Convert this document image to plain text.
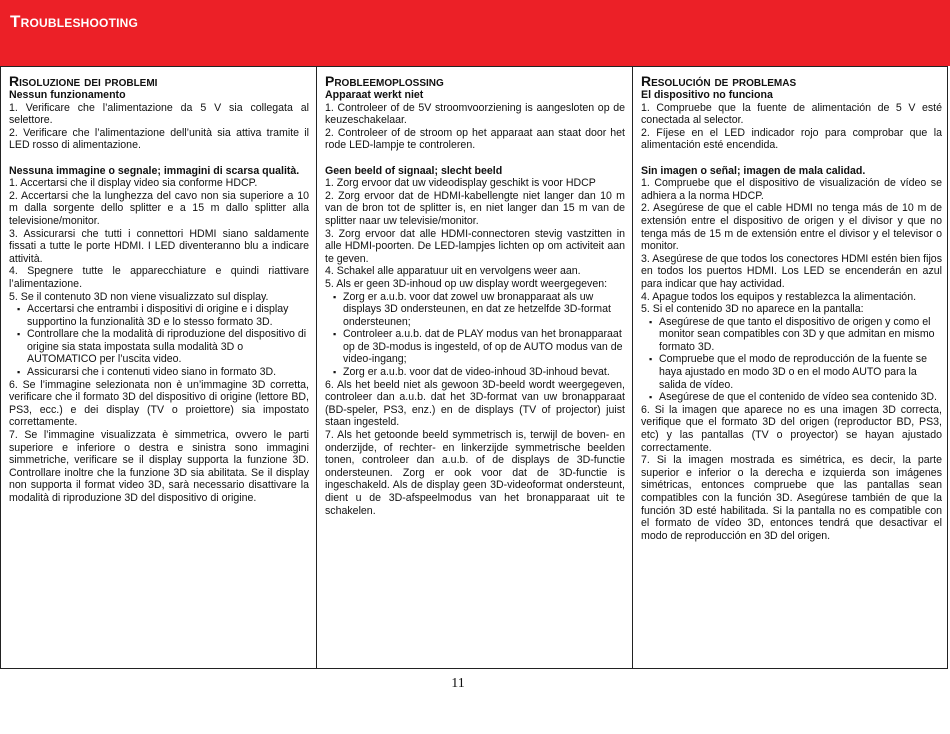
Troubleshooting
Risoluzione dei problemi

Nessun funzionamento

1. Verificare che l’alimentazione da 5 V sia collegata al selettore.

2. Verificare che l’alimentazione dell’unità sia attiva tramite il LED rosso di alimentazione.

Nessuna immagine o segnale; immagini di scarsa qualità.

1. Accertarsi che il display video sia conforme HDCP.

2. Accertarsi che la lunghezza del cavo non sia superiore a 10 m dalla sorgente dello splitter e a 15 m dallo splitter alla televisione/monitor.

3. Assicurarsi che tutti i connettori HDMI siano saldamente fissati a tutte le porte HDMI. I LED diventeranno blu a indicare attività.

4. Spegnere tutte le apparecchiature e quindi riattivare l’alimentazione.

5. Se il contenuto 3D non viene visualizzato sul display.

▪ Accertarsi che entrambi i dispositivi di origine e i display supportino la funzionalità 3D e lo stesso formato 3D.
▪ Controllare che la modalità di riproduzione del dispositivo di origine sia stata impostata sulla modalità 3D o AUTOMATICO per l’uscita video.
▪ Assicurarsi che i contenuti video siano in formato 3D.

6. Se l’immagine selezionata non è un’immagine 3D corretta, verificare che il formato 3D del dispositivo di origine (lettore BD, PS3, ecc.) e dei display (TV o proiettore) sia impostato correttamente.

7. Se l’immagine visualizzata è simmetrica, ovvero le parti superiore e inferiore o destra e sinistra sono immagini simmetriche, verificare se il display supporta la funzione 3D. Controllare inoltre che la funzione 3D sia abilitata. Se il display non supporta il format video 3D, sarà necessario disattivare la modalità di riproduzione 3D del dispositivo di origine.

Probleemoplossing

Apparaat werkt niet

1. Controleer of de 5V stroomvoorziening is aangesloten op de keuzeschakelaar.

2. Controleer of de stroom op het apparaat aan staat door het rode LED-lampje te controleren.

Geen beeld of signaal; slecht beeld

1. Zorg ervoor dat uw videodisplay geschikt is voor HDCP

2. Zorg ervoor dat de HDMI-kabellengte niet langer dan 10 m van de bron tot de splitter is, en niet langer dan 15 m van de splitter naar uw televisie/monitor.

3. Zorg ervoor dat alle HDMI-connectoren stevig vastzitten in alle HDMI-poorten. De LED-lampjes lichten op om activiteit aan te geven.

4. Schakel alle apparatuur uit en vervolgens weer aan.

5. Als er geen 3D-inhoud op uw display wordt weergegeven:

▪ Zorg er a.u.b. voor dat zowel uw bronapparaat als uw displays 3D ondersteunen, en dat ze hetzelfde 3D-format ondersteunen;
▪ Controleer a.u.b. dat de PLAY modus van het bronapparaat op de 3D-modus is ingesteld, of op de AUTO modus van de video-ingang;
▪ Zorg er a.u.b. voor dat de video-inhoud 3D-inhoud bevat.

6. Als het beeld niet als gewoon 3D-beeld wordt weergegeven, controleer dan a.u.b. dat het 3D-format van uw bronapparaat (BD-speler, PS3, enz.) en de displays (TV of projector) juist staan ingesteld.

7. Als het getoonde beeld symmetrisch is, terwijl de boven- en onderzijde, of rechter- en linkerzijde symmetrische beelden tonen, controleer dan a.u.b. of de displays de 3D-functie ondersteunen. Zorg er ook voor dat de 3D-functie is ingeschakeld. Als de display geen 3D-videoformat ondersteunt, dient u de 3D-afspeelmodus van het bronapparaat uit te schakelen.

Resolución de problemas

El dispositivo no funciona

1. Compruebe que la fuente de alimentación de 5 V esté conectada al selector.

2. Fíjese en el LED indicador rojo para comprobar que la alimentación esté encendida.

Sin imagen o señal; imagen de mala calidad.

1. Compruebe que el dispositivo de visualización de vídeo se adhiera a la norma HDCP.

2. Asegúrese de que el cable HDMI no tenga más de 10 m de extensión entre el dispositivo de origen y el divisor y que no tenga más de 15 m de extensión entre el divisor y el televisor o monitor.

3. Asegúrese de que todos los conectores HDMI estén bien fijos en todos los puertos HDMI. Los LED se encenderán en azul para indicar que hay actividad.

4. Apague todos los equipos y restablezca la alimentación.

5. Si el contenido 3D no aparece en la pantalla:

▪ Asegúrese de que tanto el dispositivo de origen y como el monitor sean compatibles con 3D y que admitan en mismo formato 3D.
▪ Compruebe que el modo de reproducción de la fuente se haya ajustado en modo 3D o en el modo AUTO para la salida de vídeo.
▪ Asegúrese de que el contenido de vídeo sea contenido 3D.

6. Si la imagen que aparece no es una imagen 3D correcta, verifique que el formato 3D del origen (reproductor BD, PS3, etc) y las pantallas (TV o proyector) se hayan ajustado correctamente.

7. Si la imagen mostrada es simétrica, es decir, la parte superior e inferior o la derecha e izquierda son imágenes simétricas, entonces compruebe que las pantallas sean compatibles con la función 3D. Asegúrese también de que la función 3D esté habilitada. Si la pantalla no es compatible con el formato de vídeo 3D, entonces tendrá que desactivar el modo de reproducción en 3D del origen.

11
